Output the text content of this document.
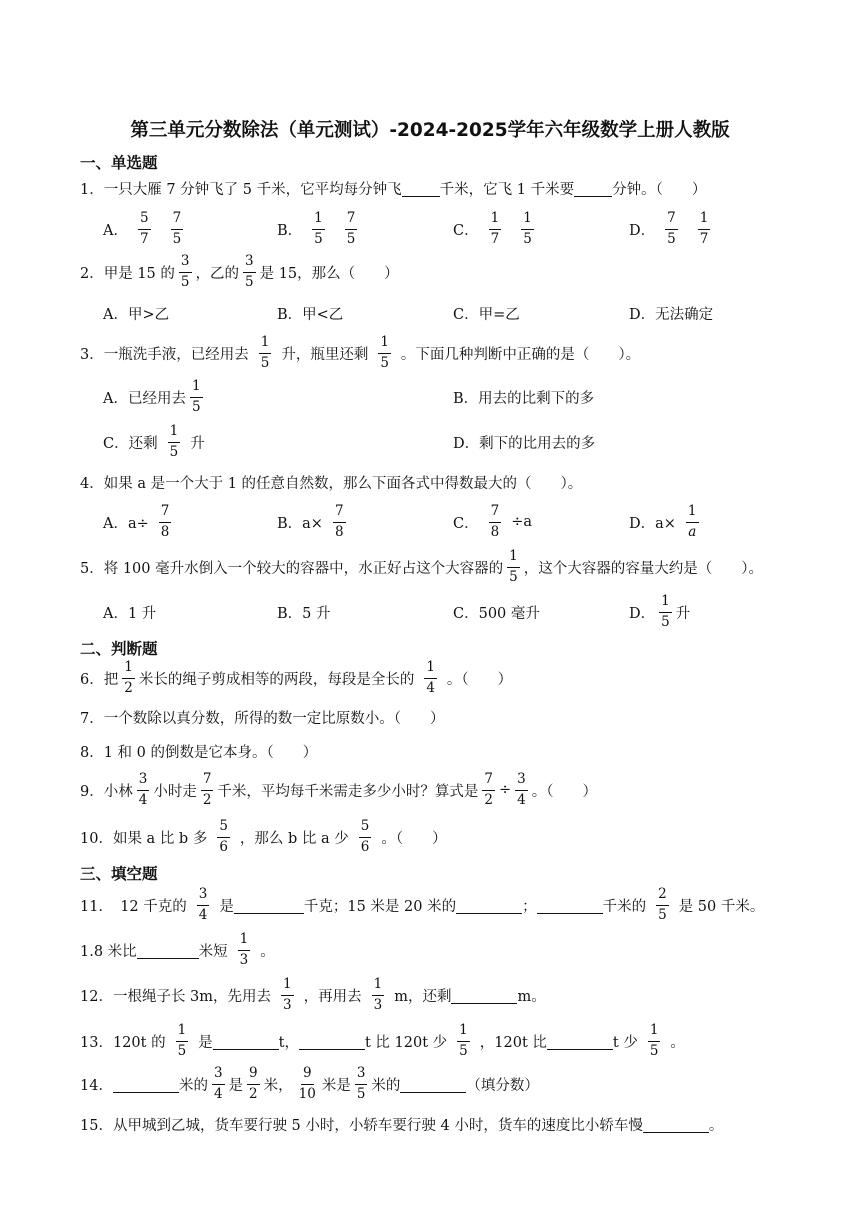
第三单元分数除法（单元测试）-2024-2025学年六年级数学上册人教版
一、单选题
1．一只大雁 7 分钟飞了 5 千米，它平均每分钟飞	千米，它飞 1 千米要	分钟。（　　）
A． $\frac{5}{7} \frac{7}{5}$	B． $\frac{1}{5} \frac{7}{5}$	C． $\frac{1}{7} \frac{1}{5}$	D． $\frac{7}{5} \frac{1}{7}$
2．甲是 15 的 $\frac{3}{5}$ ，乙的 $\frac{3}{5}$ 是 15，那么（　　）
A．甲>乙	B．甲<乙	C．甲=乙	D．无法确定
3．一瓶洗手液，已经用去 $\frac{1}{5}$ 升，瓶里还剩 $\frac{1}{5}$ 。下面几种判断中正确的是（　　）。
A．已经用去 $\frac{1}{5}$	B．用去的比剩下的多
C．还剩 $\frac{1}{5}$ 升	D．剩下的比用去的多
4．如果 a 是一个大于 1 的任意自然数，那么下面各式中得数最大的（　　）。
A．$a\div \frac{7}{8}$	B．$a\times \frac{7}{8}$	C． $\frac{7}{8} \div a$	D．$a\times \frac{1}{a}$
5．将 100 毫升水倒入一个较大的容器中，水正好占这个大容器的 $\frac{1}{5}$ ，这个大容器的容量大约是（　　）。
A．1 升	B．5 升	C．500 毫升	D． $\frac{1}{5}$ 升
二、判断题
6．把 $\frac{1}{2}$ 米长的绳子剪成相等的两段，每段是全长的 $\frac{1}{4}$ 。（　　）
7．一个数除以真分数，所得的数一定比原数小。（　　）
8．1 和 0 的倒数是它本身。（　　）
9．小林 $\frac{3}{4}$ 小时走 $\frac{7}{2}$ 千米，平均每千米需走多少小时？算式是 $\frac{7}{2} \div \frac{3}{4}$ 。（　　）
10．如果 a 比 b 多 $\frac{5}{6}$ ，那么 b 比 a 少 $\frac{5}{6}$ 。（　　）
三、填空题
11．　12 千克的 $\frac{3}{4}$ 是	千克；15 米是 20 米的	；	千米的 $\frac{2}{5}$ 是 50 千米。
1.8 米比	米短 $\frac{1}{3}$ 。
12．一根绳子长 3m，先用去 $\frac{1}{3}$ ，再用去 $\frac{1}{3}$ m，还剩	m。
13．120t 的 $\frac{1}{5}$ 是	t，	t 比 120t 少 $\frac{1}{5}$ ，120t 比	t 少 $\frac{1}{5}$ 。
14．	米的 $\frac{3}{4}$ 是 $\frac{9}{2}$ 米， $\frac{9}{10}$ 米是 $\frac{3}{5}$ 米的	（填分数）
15．从甲城到乙城，货车要行驶 5 小时，小轿车要行驶 4 小时，货车的速度比小轿车慢	。
